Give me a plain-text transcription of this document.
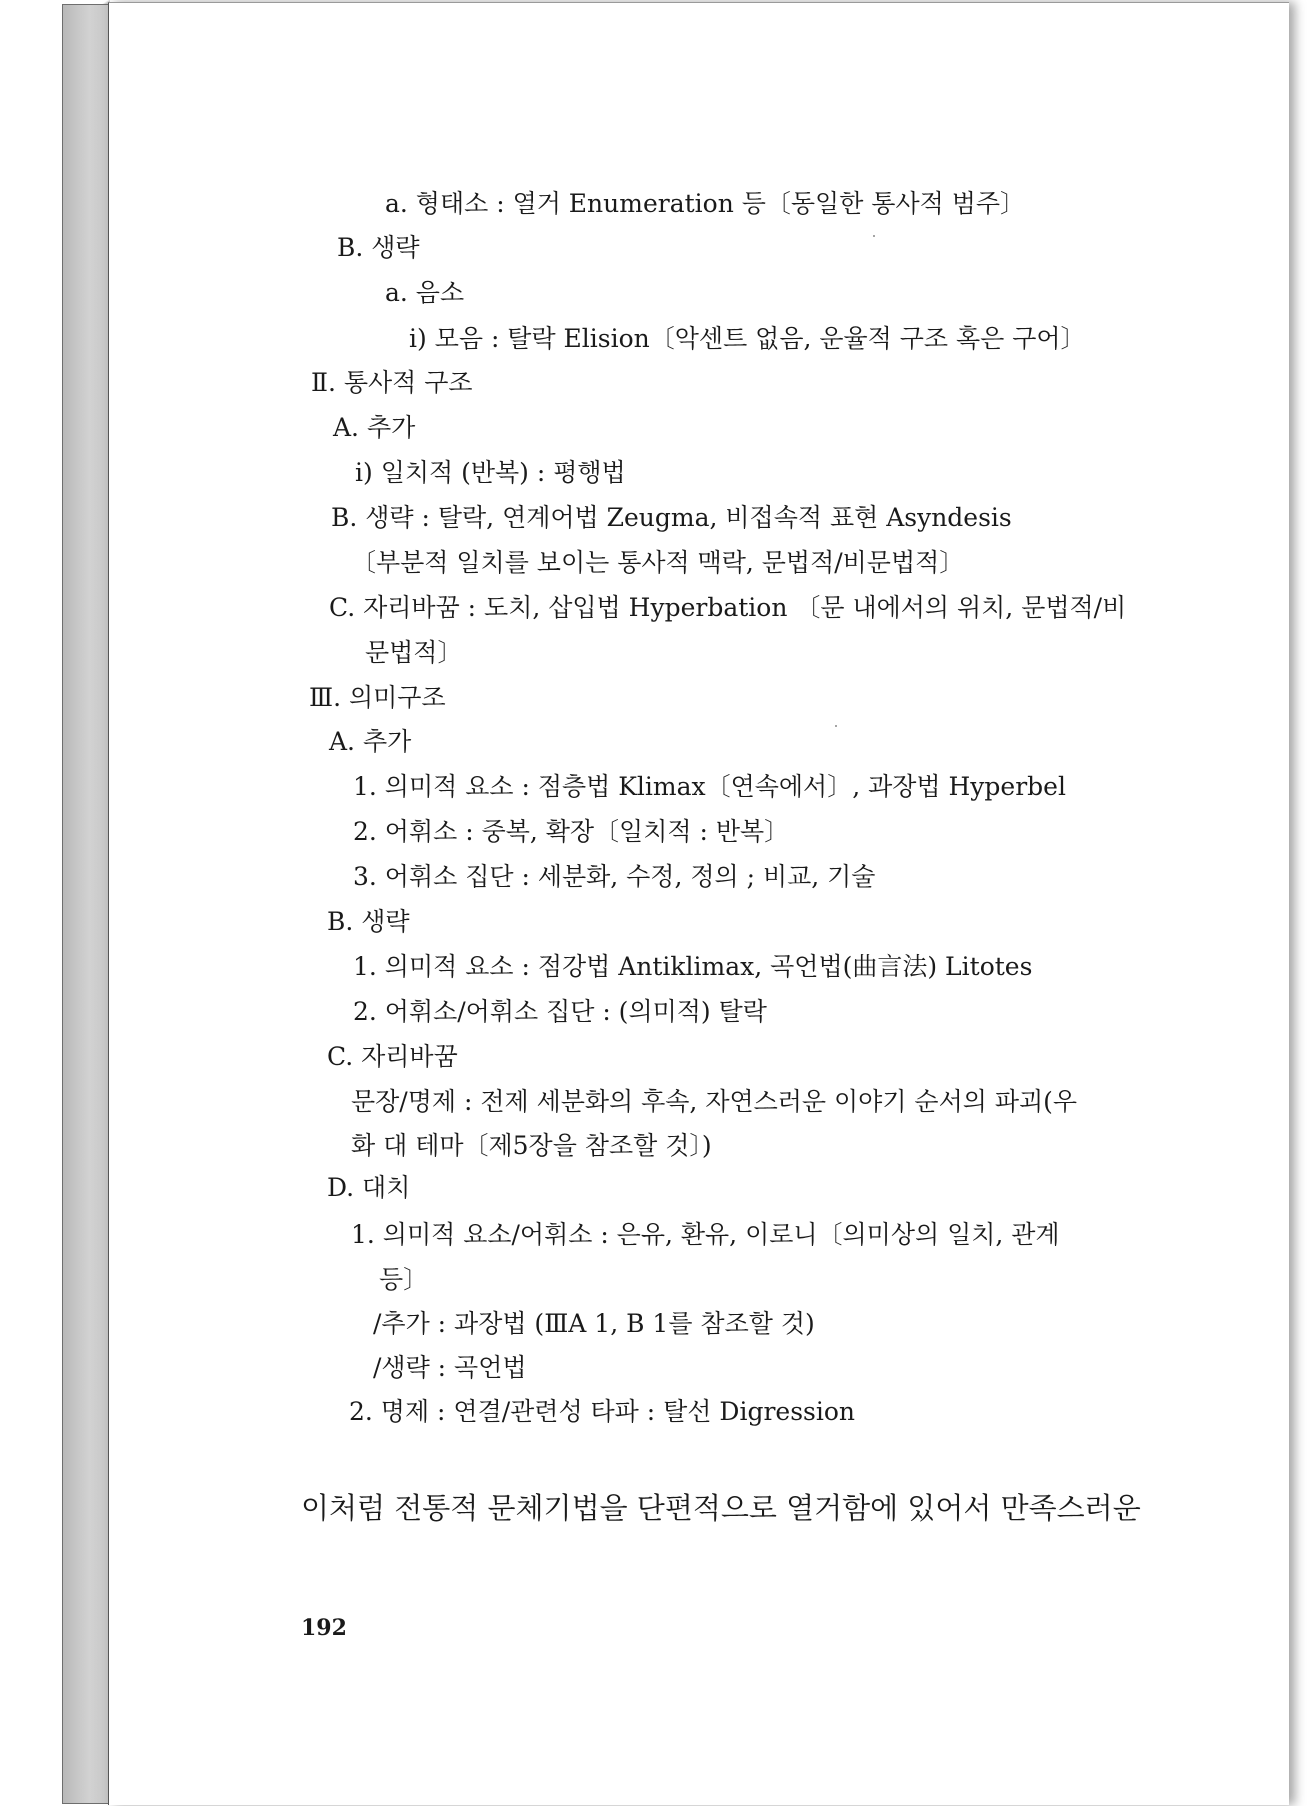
a. 형태소 : 열거 Enumeration 등〔동일한 통사적 범주〕
B. 생략
a. 음소
i) 모음 : 탈락 Elision〔악센트 없음, 운율적 구조 혹은 구어〕
Ⅱ. 통사적 구조
A. 추가
i) 일치적 (반복) : 평행법
B. 생략 : 탈락, 연계어법 Zeugma, 비접속적 표현 Asyndesis
〔부분적 일치를 보이는 통사적 맥락, 문법적/비문법적〕
C. 자리바꿈 : 도치, 삽입법 Hyperbation 〔문 내에서의 위치, 문법적/비
문법적〕
Ⅲ. 의미구조
A. 추가
1. 의미적 요소 : 점층법 Klimax〔연속에서〕, 과장법 Hyperbel
2. 어휘소 : 중복, 확장〔일치적 : 반복〕
3. 어휘소 집단 : 세분화, 수정, 정의 ; 비교, 기술
B. 생략
1. 의미적 요소 : 점강법 Antiklimax, 곡언법(曲言法) Litotes
2. 어휘소/어휘소 집단 : (의미적) 탈락
C. 자리바꿈
문장/명제 : 전제 세분화의 후속, 자연스러운 이야기 순서의 파괴(우
화 대 테마〔제5장을 참조할 것〕)
D. 대치
1. 의미적 요소/어휘소 : 은유, 환유, 이로니〔의미상의 일치, 관계
등〕
/추가 : 과장법 (ⅢA 1, B 1를 참조할 것)
/생략 : 곡언법
2. 명제 : 연결/관련성 타파 : 탈선 Digression
이처럼 전통적 문체기법을 단편적으로 열거함에 있어서 만족스러운
192
